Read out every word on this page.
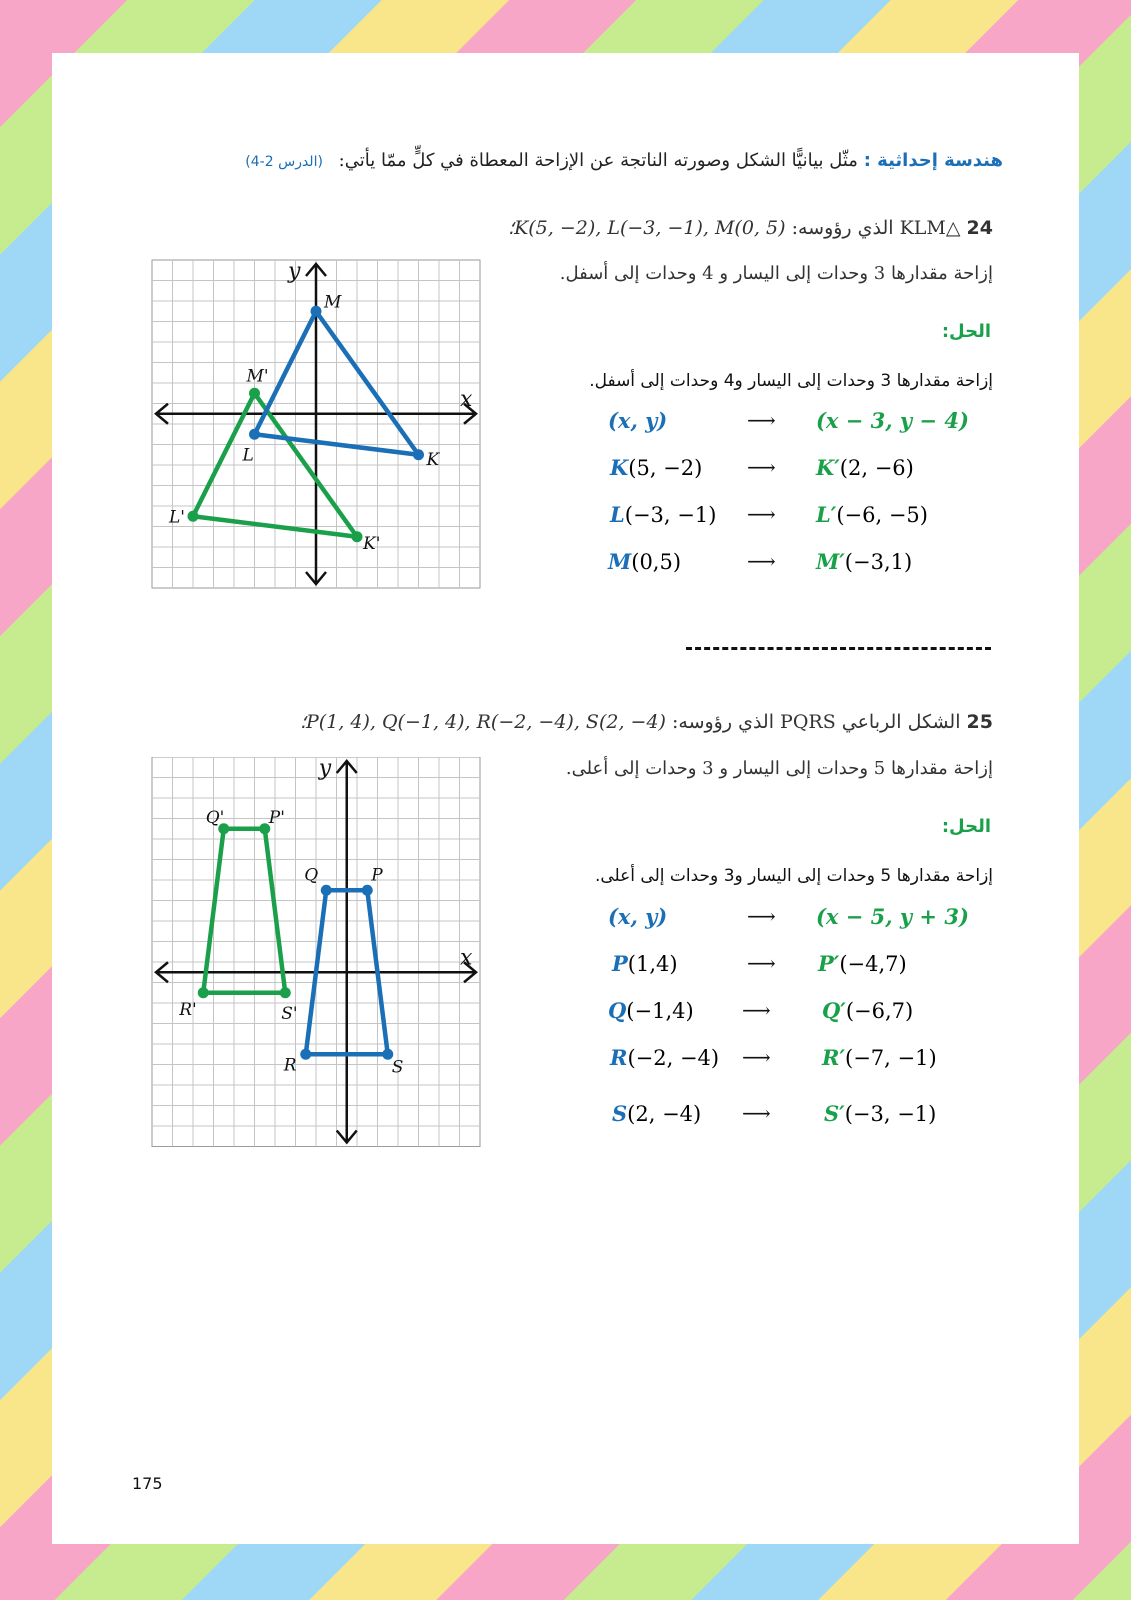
هندسة إحداثية : مثّل بيانيًّا الشكل وصورته الناتجة عن الإزاحة المعطاة في كلٍّ ممّا يأتي: (الدرس 2-4)
24 △KLM الذي رؤوسه: K(5, −2), L(−3, −1), M(0, 5)؛
إزاحة مقدارها 3 وحدات إلى اليسار و 4 وحدات إلى أسفل.
الحل:
إزاحة مقدارها 3 وحدات إلى اليسار و4 وحدات إلى أسفل.
(x, y)	⟶ (x − 3, y − 4)
K(5, −2) ⟶ K′(2, −6)
L(−3, −1) ⟶ L′(−6, −5)
M(0,5)	⟶ M′(−3,1)
x
y
K'
L'
M'
K
L
M
25 الشكل الرباعي PQRS الذي رؤوسه: P(1, 4), Q(−1, 4), R(−2, −4), S(2, −4)؛
إزاحة مقدارها 5 وحدات إلى اليسار و 3 وحدات إلى أعلى.
الحل:
إزاحة مقدارها 5 وحدات إلى اليسار و3 وحدات إلى أعلى.
(x, y)	⟶ (x − 5, y + 3)
P(1,4)	⟶ P′(−4,7)
Q(−1,4) ⟶ Q′(−6,7)
R(−2, −4) ⟶ R′(−7, −1)
S(2, −4) ⟶	S′(−3, −1)
x
y
P'
Q'
R'	S'
P
Q
R	S
175
